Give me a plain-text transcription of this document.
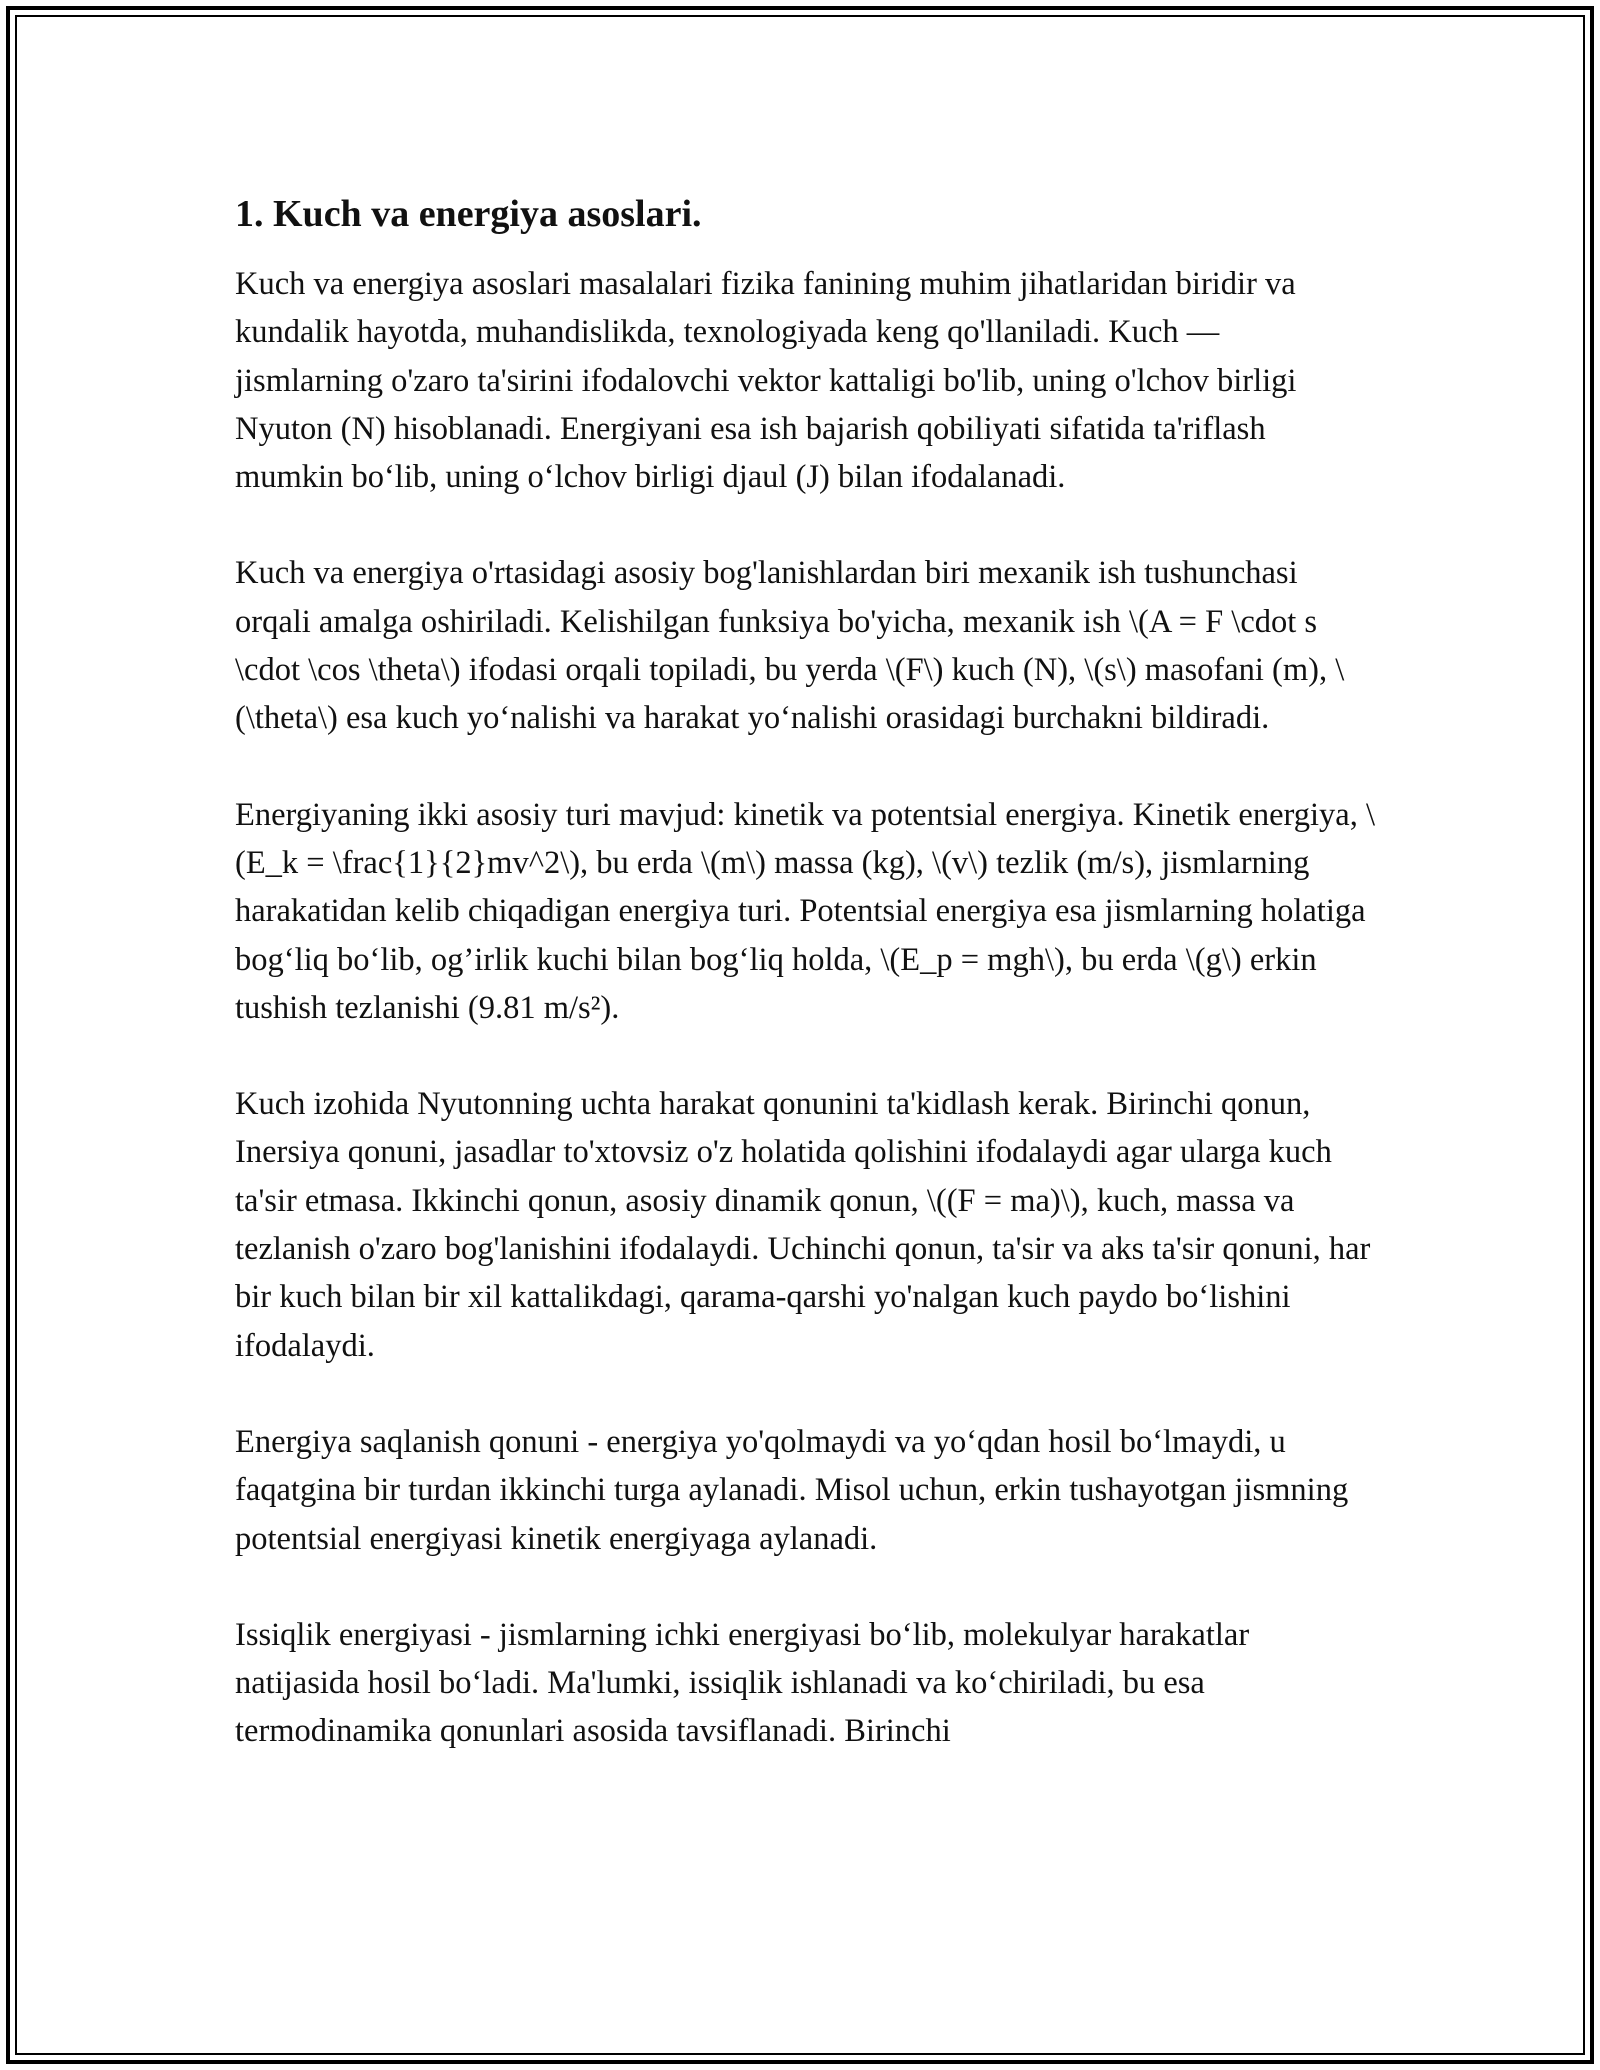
1. Kuch va energiya asoslari.

Kuch va energiya asoslari masalalari fizika fanining muhim jihatlaridan biridir va kundalik hayotda, muhandislikda, texnologiyada keng qo'llaniladi. Kuch — jismlarning o'zaro ta'sirini ifodalovchi vektor kattaligi bo'lib, uning o'lchov birligi Nyuton (N) hisoblanadi. Energiyani esa ish bajarish qobiliyati sifatida ta'riflash mumkin bo‘lib, uning o‘lchov birligi djaul (J) bilan ifodalanadi.

Kuch va energiya o'rtasidagi asosiy bog'lanishlardan biri mexanik ish tushunchasi orqali amalga oshiriladi. Kelishilgan funksiya bo'yicha, mexanik ish \(A = F \cdot s \cdot \cos \theta\) ifodasi orqali topiladi, bu yerda \(F\) kuch (N), \(s\) masofani (m), \(\theta\) esa kuch yo‘nalishi va harakat yo‘nalishi orasidagi burchakni bildiradi.

Energiyaning ikki asosiy turi mavjud: kinetik va potentsial energiya. Kinetik energiya, \(E_k = \frac{1}{2}mv^2\), bu erda \(m\) massa (kg), \(v\) tezlik (m/s), jismlarning harakatidan kelib chiqadigan energiya turi. Potentsial energiya esa jismlarning holatiga bog‘liq bo‘lib, og’irlik kuchi bilan bog‘liq holda, \(E_p = mgh\), bu erda \(g\) erkin tushish tezlanishi (9.81 m/s²).

Kuch izohida Nyutonning uchta harakat qonunini ta'kidlash kerak. Birinchi qonun, Inersiya qonuni, jasadlar to'xtovsiz o'z holatida qolishini ifodalaydi agar ularga kuch ta'sir etmasa. Ikkinchi qonun, asosiy dinamik qonun, \((F = ma)\), kuch, massa va tezlanish o'zaro bog'lanishini ifodalaydi. Uchinchi qonun, ta'sir va aks ta'sir qonuni, har bir kuch bilan bir xil kattalikdagi, qarama-qarshi yo'nalgan kuch paydo bo‘lishini ifodalaydi.

Energiya saqlanish qonuni - energiya yo'qolmaydi va yo‘qdan hosil bo‘lmaydi, u faqatgina bir turdan ikkinchi turga aylanadi. Misol uchun, erkin tushayotgan jismning potentsial energiyasi kinetik energiyaga aylanadi.

Issiqlik energiyasi - jismlarning ichki energiyasi bo‘lib, molekulyar harakatlar natijasida hosil bo‘ladi. Ma'lumki, issiqlik ishlanadi va ko‘chiriladi, bu esa termodinamika qonunlari asosida tavsiflanadi. Birinchi
